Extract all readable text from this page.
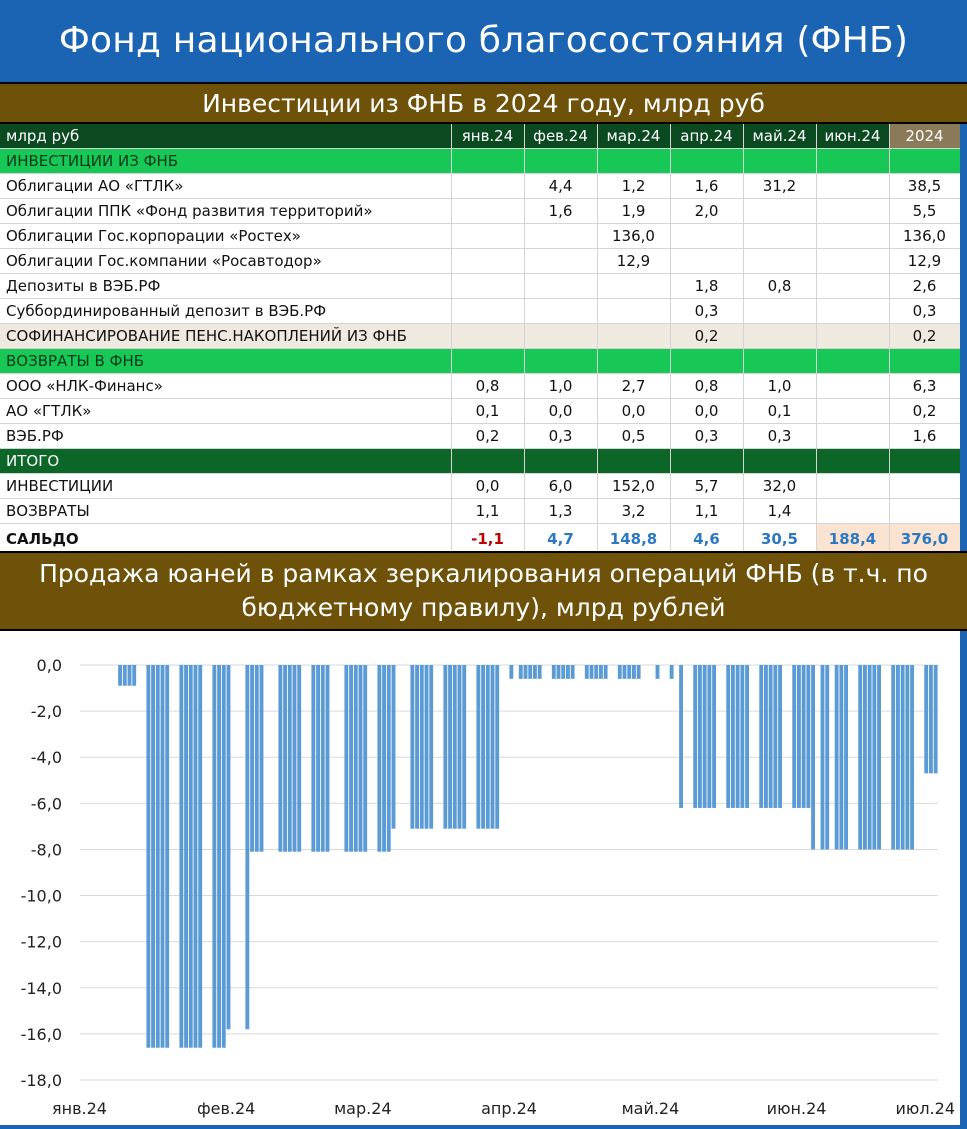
Фонд национального благосостояния (ФНБ)
Инвестиции из ФНБ в 2024 году, млрд руб
млрд руб	янв.24	фев.24	мар.24	апр.24	май.24	июн.24	2024
ИНВЕСТИЦИИ ИЗ ФНБ							
Облигации АО «ГТЛК»		4,4	1,2	1,6	31,2		38,5
Облигации ППК «Фонд развития территорий»		1,6	1,9	2,0			5,5
Облигации Гос.корпорации «Ростех»			136,0				136,0
Облигации Гос.компании «Росавтодор»			12,9				12,9
Депозиты в ВЭБ.РФ				1,8	0,8		2,6
Суббординированный депозит в ВЭБ.РФ				0,3			0,3
СОФИНАНСИРОВАНИЕ ПЕНС.НАКОПЛЕНИЙ ИЗ ФНБ				0,2			0,2
ВОЗВРАТЫ В ФНБ							
ООО «НЛК-Финанс»	0,8	1,0	2,7	0,8	1,0		6,3
АО «ГТЛК»	0,1	0,0	0,0	0,0	0,1		0,2
ВЭБ.РФ	0,2	0,3	0,5	0,3	0,3		1,6
ИТОГО							
ИНВЕСТИЦИИ	0,0	6,0	152,0	5,7	32,0		
ВОЗВРАТЫ	1,1	1,3	3,2	1,1	1,4		
САЛЬДО	-1,1	4,7	148,8	4,6	30,5	188,4	376,0
Продажа юаней в рамках зеркалирования операций ФНБ (в т.ч. по бюджетному правилу), млрд рублей
0,0
-2,0
-4,0
-6,0
-8,0
-10,0
-12,0
-14,0
-16,0
-18,0
янв.24	фев.24	мар.24	апр.24	май.24	июн.24	июл.24
